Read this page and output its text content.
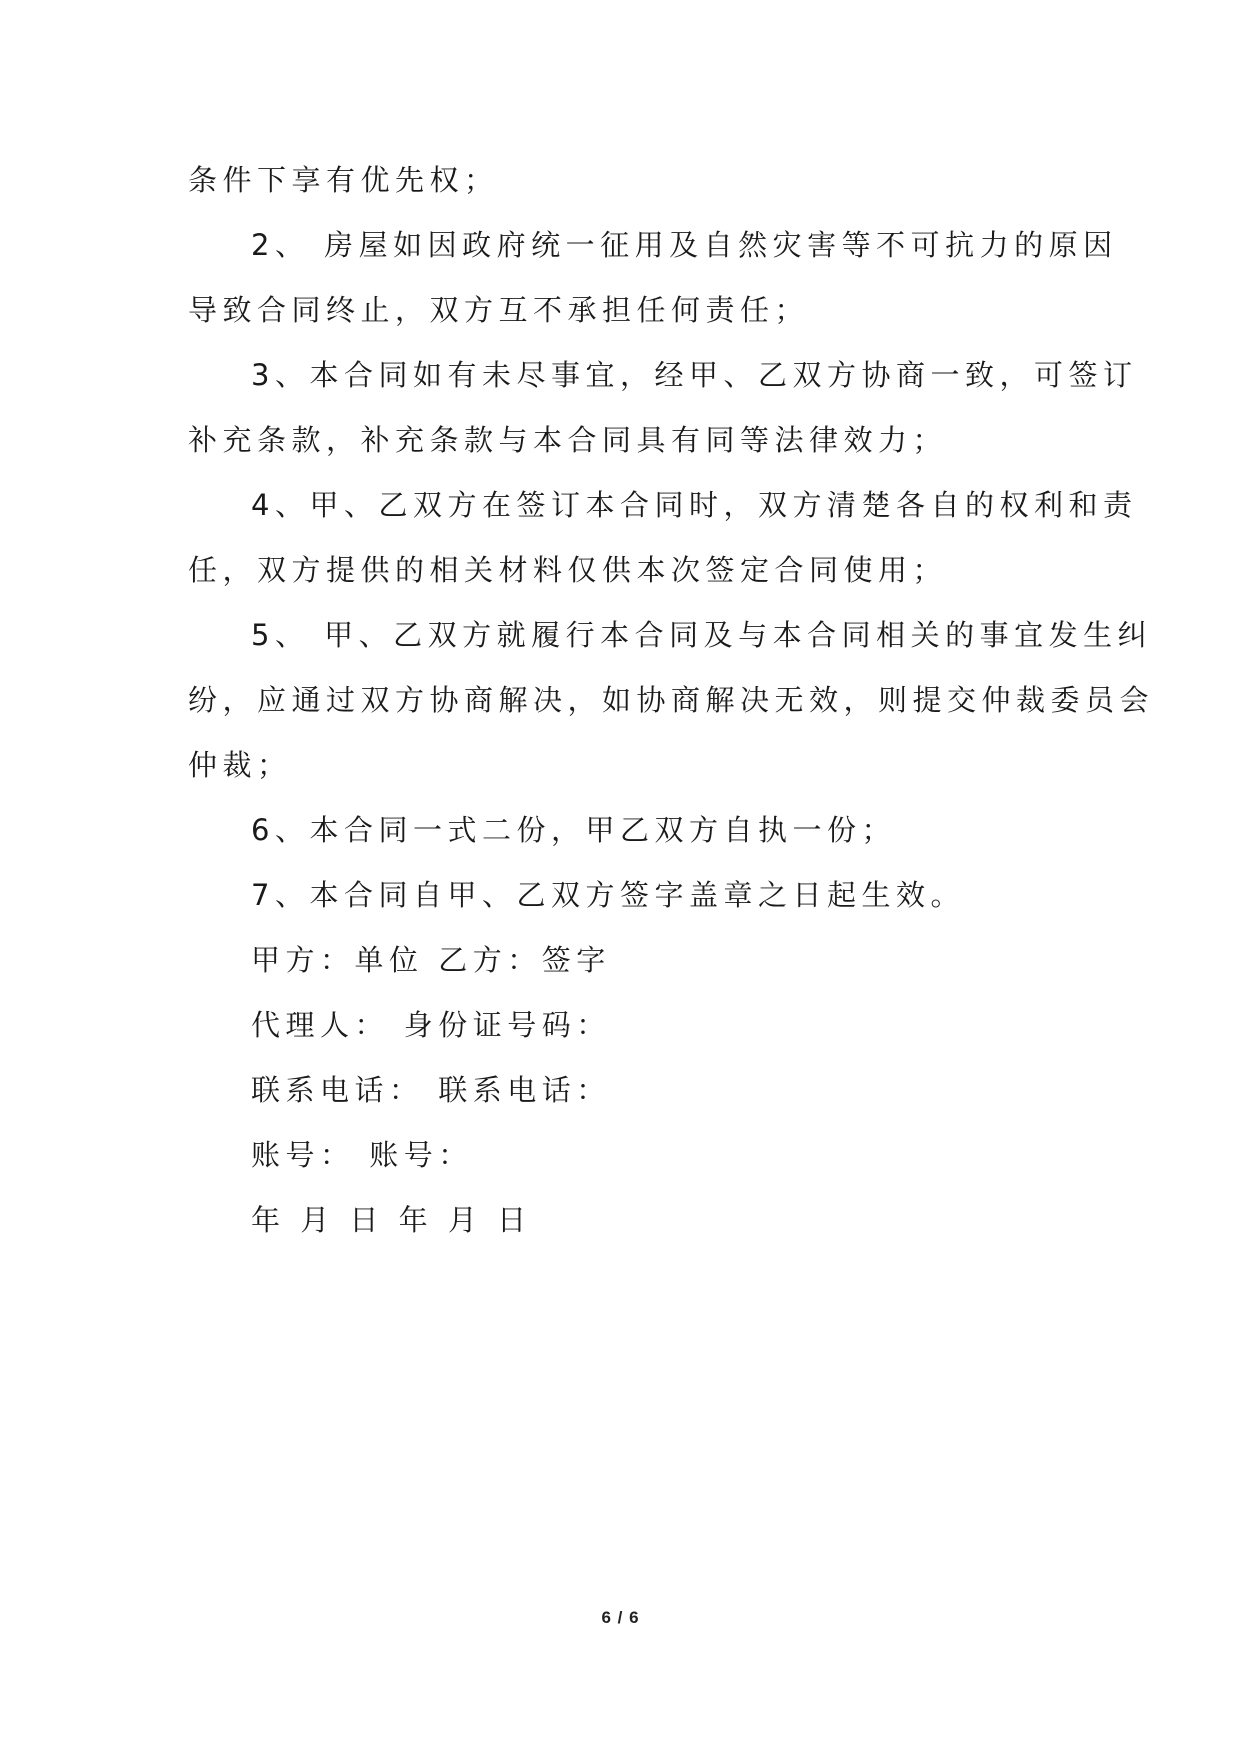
条件下享有优先权；
2、 房屋如因政府统一征用及自然灾害等不可抗力的原因
导致合同终止，双方互不承担任何责任；
3、本合同如有未尽事宜，经甲、乙双方协商一致，可签订
补充条款，补充条款与本合同具有同等法律效力；
4、甲、乙双方在签订本合同时，双方清楚各自的权利和责
任，双方提供的相关材料仅供本次签定合同使用；
5、 甲、乙双方就履行本合同及与本合同相关的事宜发生纠
纷，应通过双方协商解决，如协商解决无效，则提交仲裁委员会
仲裁；
6、本合同一式二份，甲乙双方自执一份；
7、本合同自甲、乙双方签字盖章之日起生效。
甲方：单位 乙方：签字
代理人： 身份证号码：
联系电话： 联系电话：
账号： 账号：
年 月 日 年 月 日
6 / 6
